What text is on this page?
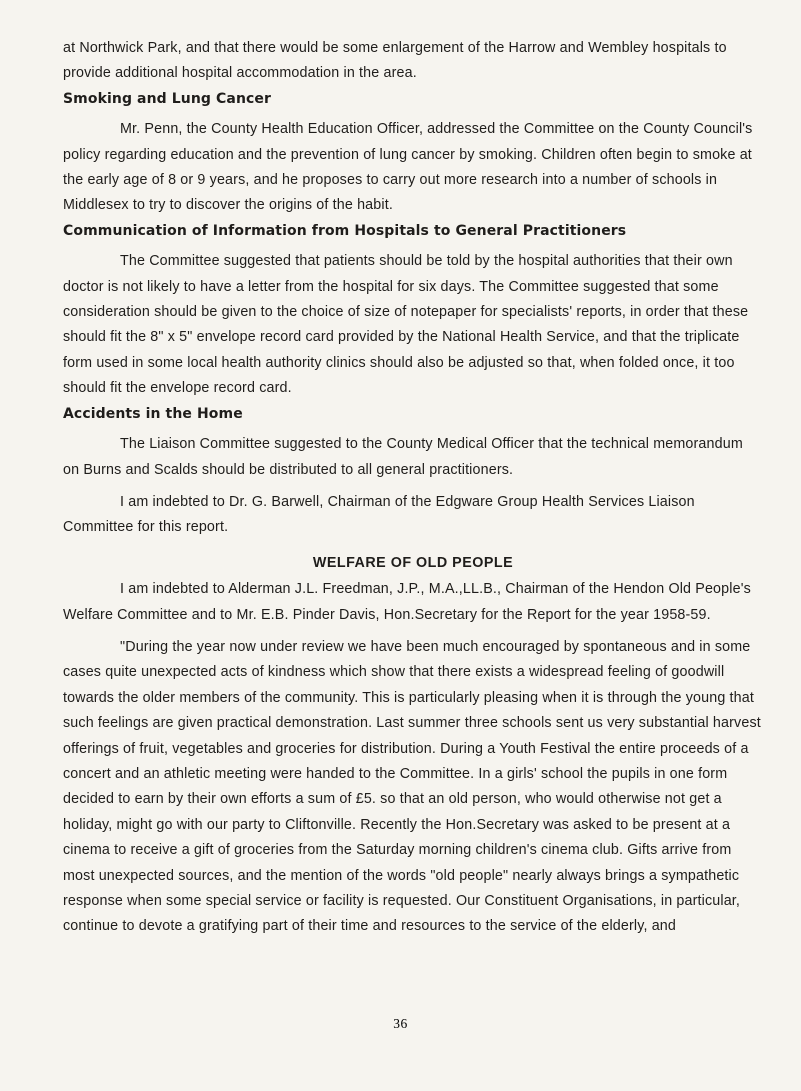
at Northwick Park, and that there would be some enlargement of the Harrow and Wembley hospitals to provide additional hospital accommodation in the area.

Smoking and Lung Cancer

Mr. Penn, the County Health Education Officer, addressed the Committee on the County Council's policy regarding education and the prevention of lung cancer by smoking. Children often begin to smoke at the early age of 8 or 9 years, and he proposes to carry out more research into a number of schools in Middlesex to try to discover the origins of the habit.

Communication of Information from Hospitals to General Practitioners

The Committee suggested that patients should be told by the hospital authorities that their own doctor is not likely to have a letter from the hospital for six days. The Committee suggested that some consideration should be given to the choice of size of notepaper for specialists' reports, in order that these should fit the 8" x 5" envelope record card provided by the National Health Service, and that the triplicate form used in some local health authority clinics should also be adjusted so that, when folded once, it too should fit the envelope record card.

Accidents in the Home

The Liaison Committee suggested to the County Medical Officer that the technical memorandum on Burns and Scalds should be distributed to all general practitioners.

I am indebted to Dr. G. Barwell, Chairman of the Edgware Group Health Services Liaison Committee for this report.

WELFARE OF OLD PEOPLE

I am indebted to Alderman J.L. Freedman, J.P., M.A.,LL.B., Chairman of the Hendon Old People's Welfare Committee and to Mr. E.B. Pinder Davis, Hon.Secretary for the Report for the year 1958-59.

"During the year now under review we have been much encouraged by spontaneous and in some cases quite unexpected acts of kindness which show that there exists a widespread feeling of goodwill towards the older members of the community. This is particularly pleasing when it is through the young that such feelings are given practical demonstration. Last summer three schools sent us very substantial harvest offerings of fruit, vegetables and groceries for distribution. During a Youth Festival the entire proceeds of a concert and an athletic meeting were handed to the Committee. In a girls' school the pupils in one form decided to earn by their own efforts a sum of £5. so that an old person, who would otherwise not get a holiday, might go with our party to Cliftonville. Recently the Hon.Secretary was asked to be present at a cinema to receive a gift of groceries from the Saturday morning children's cinema club. Gifts arrive from most unexpected sources, and the mention of the words "old people" nearly always brings a sympathetic response when some special service or facility is requested. Our Constituent Organisations, in particular, continue to devote a gratifying part of their time and resources to the service of the elderly, and

36
